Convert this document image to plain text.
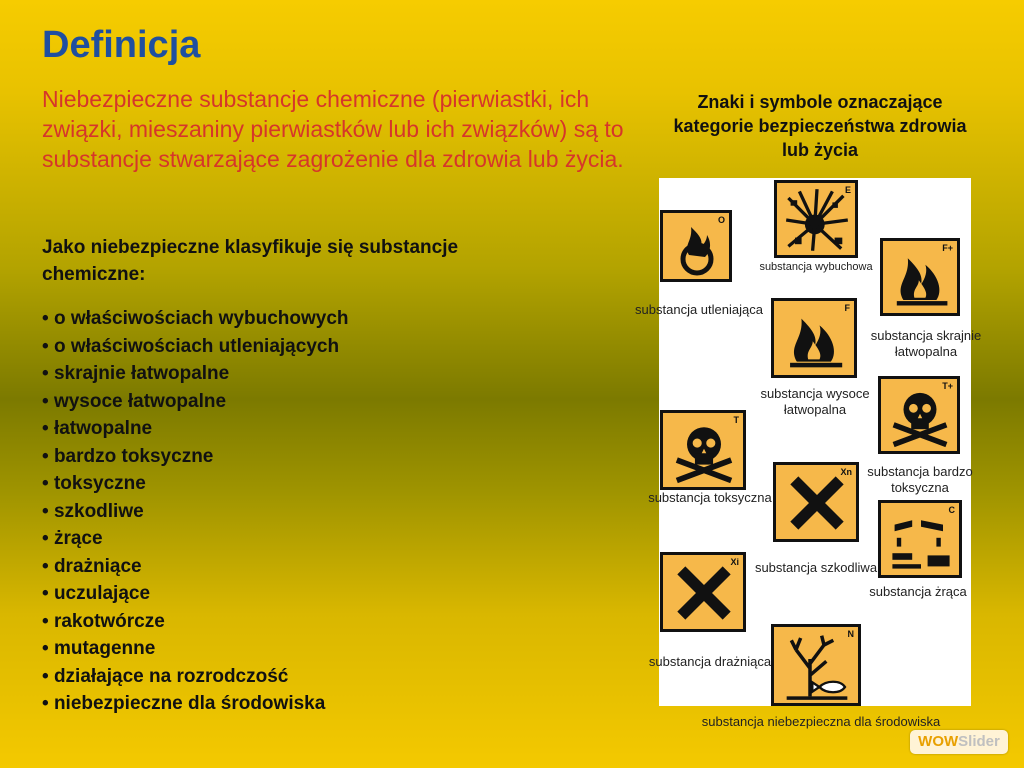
Definicja
Niebezpieczne substancje chemiczne (pierwiastki, ich związki, mieszaniny pierwiastków lub ich związków) są to substancje stwarzające zagrożenie dla zdrowia lub życia.
Jako niebezpieczne klasyfikuje się substancje chemiczne:
• o właściwościach wybuchowych
• o właściwościach utleniających
• skrajnie łatwopalne
• wysoce łatwopalne
• łatwopalne
• bardzo toksyczne
• toksyczne
• szkodliwe
• żrące
• drażniące
• uczulające
• rakotwórcze
• mutagenne
• działające na rozrodczość
• niebezpieczne dla środowiska
Znaki i symbole oznaczające kategorie bezpieczeństwa zdrowia lub życia
O
substancja utleniająca
E
substancja wybuchowa
F+
substancja skrajnie łatwopalna
F
substancja wysoce łatwopalna
T+
substancja bardzo toksyczna
T
substancja toksyczna
Xn
substancja szkodliwa
C
substancja żrąca
Xi
substancja drażniąca
N
substancja niebezpieczna dla środowiska
WOWSlider
